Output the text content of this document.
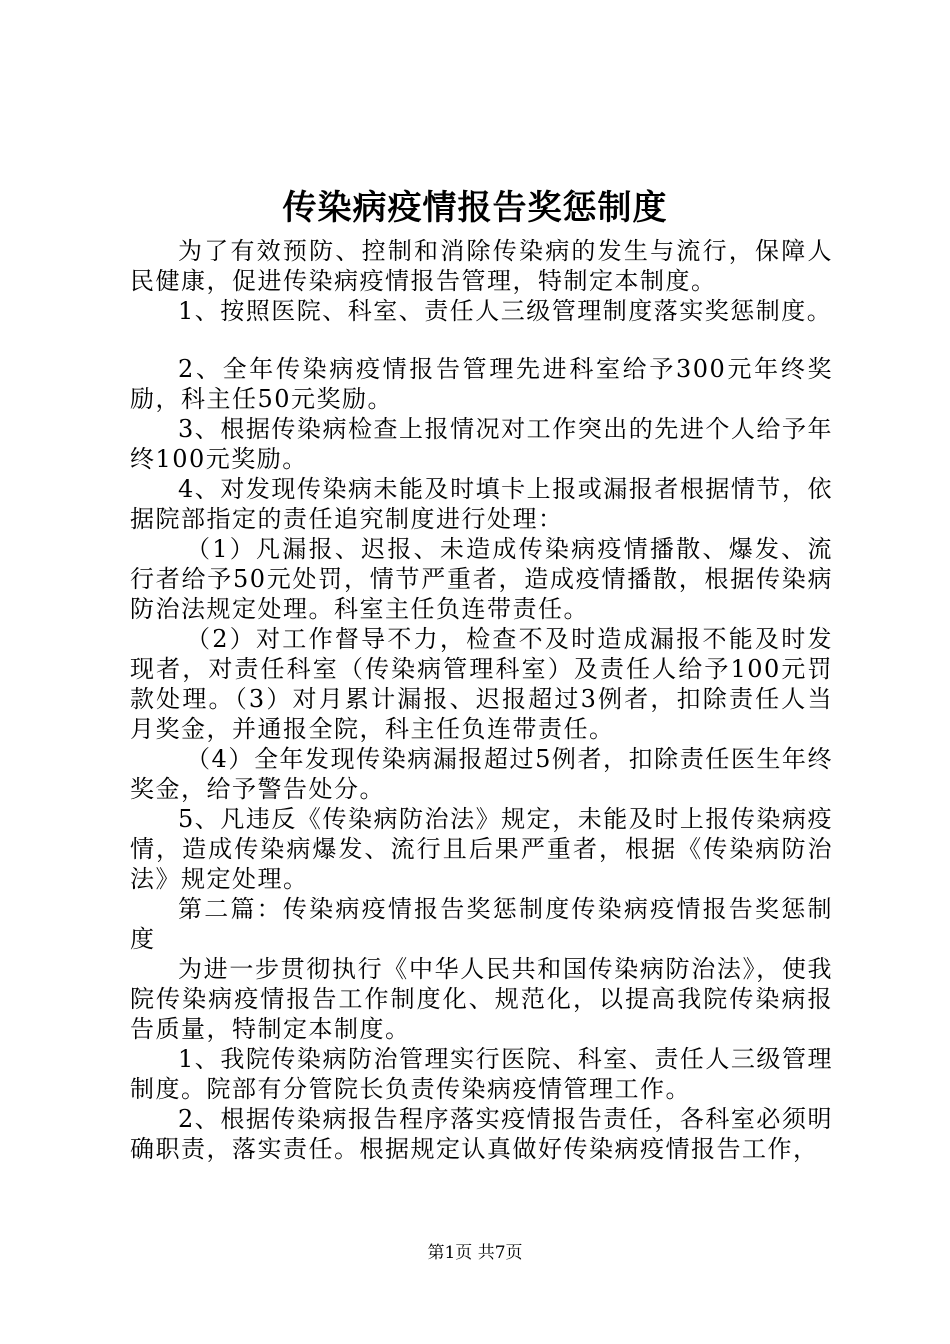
传染病疫情报告奖惩制度

为了有效预防、控制和消除传染病的发生与流行，保障人民健康，促进传染病疫情报告管理，特制定本制度。

1、按照医院、科室、责任人三级管理制度落实奖惩制度。

2、全年传染病疫情报告管理先进科室给予300元年终奖励，科主任50元奖励。

3、根据传染病检查上报情况对工作突出的先进个人给予年终100元奖励。

4、对发现传染病未能及时填卡上报或漏报者根据情节，依据院部指定的责任追究制度进行处理：

（1）凡漏报、迟报、未造成传染病疫情播散、爆发、流行者给予50元处罚，情节严重者，造成疫情播散，根据传染病防治法规定处理。科室主任负连带责任。

（2）对工作督导不力，检查不及时造成漏报不能及时发现者，对责任科室（传染病管理科室）及责任人给予100元罚款处理。（3）对月累计漏报、迟报超过3例者，扣除责任人当月奖金，并通报全院，科主任负连带责任。

（4）全年发现传染病漏报超过5例者，扣除责任医生年终奖金，给予警告处分。

5、凡违反《传染病防治法》规定，未能及时上报传染病疫情，造成传染病爆发、流行且后果严重者，根据《传染病防治法》规定处理。

第二篇：传染病疫情报告奖惩制度传染病疫情报告奖惩制度

为进一步贯彻执行《中华人民共和国传染病防治法》，使我院传染病疫情报告工作制度化、规范化，以提高我院传染病报告质量，特制定本制度。

1、我院传染病防治管理实行医院、科室、责任人三级管理制度。院部有分管院长负责传染病疫情管理工作。

2、根据传染病报告程序落实疫情报告责任，各科室必须明确职责，落实责任。根据规定认真做好传染病疫情报告工作，

第1页 共7页
